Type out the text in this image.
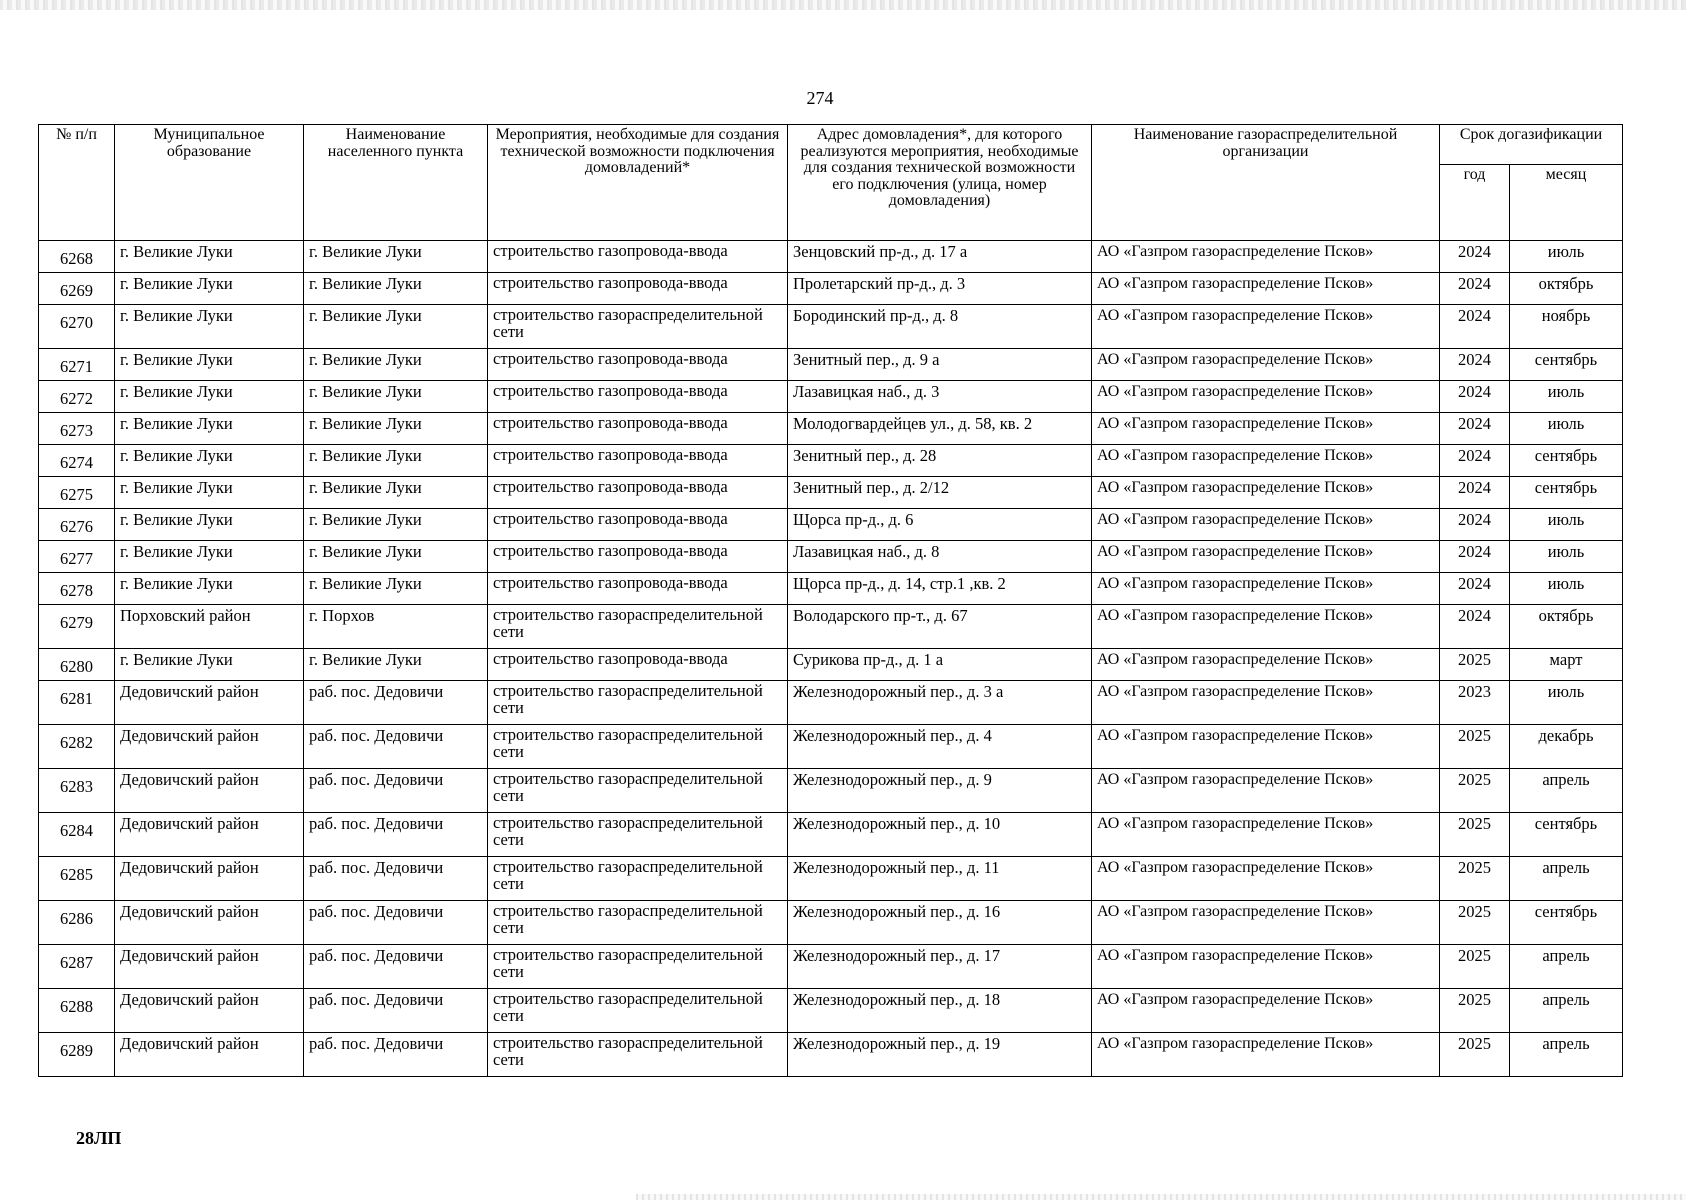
274
№ п/п	Муниципальное образование	Наименование населенного пункта	Мероприятия, необходимые для создания технической возможности подключения домовладений*	Адрес домовладения*, для которого реализуются мероприятия, необходимые для создания технической возможности его подключения (улица, номер домовладения)	Наименование газораспределительной организации	Срок догазификации	
						год	месяц
6268	г. Великие Луки	г. Великие Луки	строительство газопровода-ввода	Зенцовский пр-д., д. 17 а	АО «Газпром газораспределение Псков»	2024	июль
6269	г. Великие Луки	г. Великие Луки	строительство газопровода-ввода	Пролетарский пр-д., д. 3	АО «Газпром газораспределение Псков»	2024	октябрь
6270	г. Великие Луки	г. Великие Луки	строительство газораспределительной сети	Бородинский пр-д., д. 8	АО «Газпром газораспределение Псков»	2024	ноябрь
6271	г. Великие Луки	г. Великие Луки	строительство газопровода-ввода	Зенитный пер., д. 9 а	АО «Газпром газораспределение Псков»	2024	сентябрь
6272	г. Великие Луки	г. Великие Луки	строительство газопровода-ввода	Лазавицкая наб., д. 3	АО «Газпром газораспределение Псков»	2024	июль
6273	г. Великие Луки	г. Великие Луки	строительство газопровода-ввода	Молодогвардейцев ул., д. 58, кв. 2	АО «Газпром газораспределение Псков»	2024	июль
6274	г. Великие Луки	г. Великие Луки	строительство газопровода-ввода	Зенитный пер., д. 28	АО «Газпром газораспределение Псков»	2024	сентябрь
6275	г. Великие Луки	г. Великие Луки	строительство газопровода-ввода	Зенитный пер., д. 2/12	АО «Газпром газораспределение Псков»	2024	сентябрь
6276	г. Великие Луки	г. Великие Луки	строительство газопровода-ввода	Щорса пр-д., д. 6	АО «Газпром газораспределение Псков»	2024	июль
6277	г. Великие Луки	г. Великие Луки	строительство газопровода-ввода	Лазавицкая наб., д. 8	АО «Газпром газораспределение Псков»	2024	июль
6278	г. Великие Луки	г. Великие Луки	строительство газопровода-ввода	Щорса пр-д., д. 14, стр.1 ,кв. 2	АО «Газпром газораспределение Псков»	2024	июль
6279	Порховский район	г. Порхов	строительство газораспределительной сети	Володарского пр-т., д. 67	АО «Газпром газораспределение Псков»	2024	октябрь
6280	г. Великие Луки	г. Великие Луки	строительство газопровода-ввода	Сурикова пр-д., д. 1 а	АО «Газпром газораспределение Псков»	2025	март
6281	Дедовичский район	раб. пос. Дедовичи	строительство газораспределительной сети	Железнодорожный пер., д. 3 а	АО «Газпром газораспределение Псков»	2023	июль
6282	Дедовичский район	раб. пос. Дедовичи	строительство газораспределительной сети	Железнодорожный пер., д. 4	АО «Газпром газораспределение Псков»	2025	декабрь
6283	Дедовичский район	раб. пос. Дедовичи	строительство газораспределительной сети	Железнодорожный пер., д. 9	АО «Газпром газораспределение Псков»	2025	апрель
6284	Дедовичский район	раб. пос. Дедовичи	строительство газораспределительной сети	Железнодорожный пер., д. 10	АО «Газпром газораспределение Псков»	2025	сентябрь
6285	Дедовичский район	раб. пос. Дедовичи	строительство газораспределительной сети	Железнодорожный пер., д. 11	АО «Газпром газораспределение Псков»	2025	апрель
6286	Дедовичский район	раб. пос. Дедовичи	строительство газораспределительной сети	Железнодорожный пер., д. 16	АО «Газпром газораспределение Псков»	2025	сентябрь
6287	Дедовичский район	раб. пос. Дедовичи	строительство газораспределительной сети	Железнодорожный пер., д. 17	АО «Газпром газораспределение Псков»	2025	апрель
6288	Дедовичский район	раб. пос. Дедовичи	строительство газораспределительной сети	Железнодорожный пер., д. 18	АО «Газпром газораспределение Псков»	2025	апрель
6289	Дедовичский район	раб. пос. Дедовичи	строительство газораспределительной сети	Железнодорожный пер., д. 19	АО «Газпром газораспределение Псков»	2025	апрель
28ЛП
